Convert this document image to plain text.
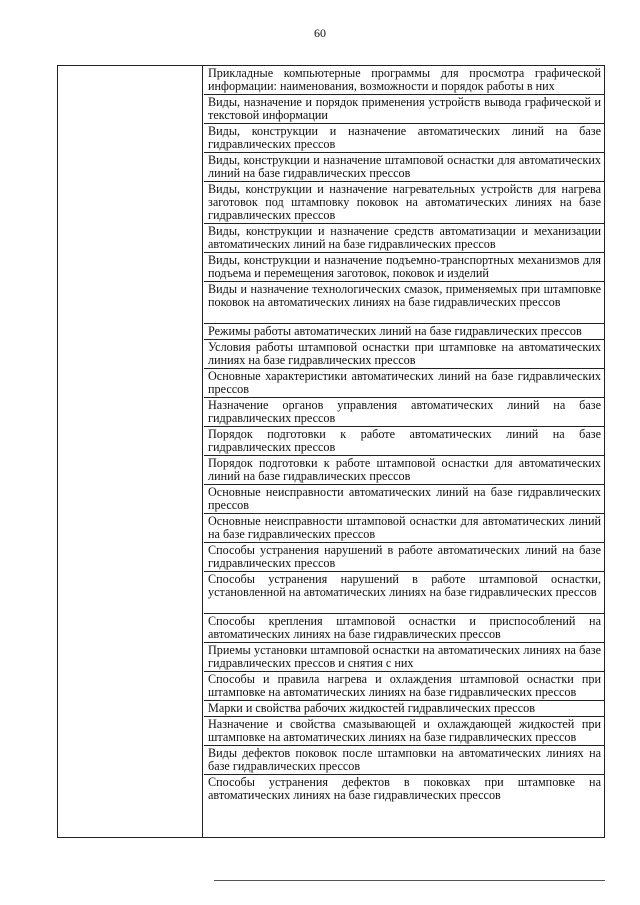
60
Прикладные компьютерные программы для просмотра графической информации: наименования, возможности и порядок работы в них
Виды, назначение и порядок применения устройств вывода графической и текстовой информации
Виды, конструкции и назначение автоматических линий на базе гидравлических прессов
Виды, конструкции и назначение штамповой оснастки для автоматических линий на базе гидравлических прессов
Виды, конструкции и назначение нагревательных устройств для нагрева заготовок под штамповку поковок на автоматических линиях на базе гидравлических прессов
Виды, конструкции и назначение средств автоматизации и механизации автоматических линий на базе гидравлических прессов
Виды, конструкции и назначение подъемно-транспортных механизмов для подъема и перемещения заготовок, поковок и изделий
Виды и назначение технологических смазок, применяемых при штамповке поковок на автоматических линиях на базе гидравлических прессов
Режимы работы автоматических линий на базе гидравлических прессов
Условия работы штамповой оснастки при штамповке на автоматических линиях на базе гидравлических прессов
Основные характеристики автоматических линий на базе гидравлических прессов
Назначение органов управления автоматических линий на базе гидравлических прессов
Порядок подготовки к работе автоматических линий на базе гидравлических прессов
Порядок подготовки к работе штамповой оснастки для автоматических линий на базе гидравлических прессов
Основные неисправности автоматических линий на базе гидравлических прессов
Основные неисправности штамповой оснастки для автоматических линий на базе гидравлических прессов
Способы устранения нарушений в работе автоматических линий на базе гидравлических прессов
Способы устранения нарушений в работе штамповой оснастки, установленной на автоматических линиях на базе гидравлических прессов
Способы крепления штамповой оснастки и приспособлений на автоматических линиях на базе гидравлических прессов
Приемы установки штамповой оснастки на автоматических линиях на базе гидравлических прессов и снятия с них
Способы и правила нагрева и охлаждения штамповой оснастки при штамповке на автоматических линиях на базе гидравлических прессов
Марки и свойства рабочих жидкостей гидравлических прессов
Назначение и свойства смазывающей и охлаждающей жидкостей при штамповке на автоматических линиях на базе гидравлических прессов
Виды дефектов поковок после штамповки на автоматических линиях на базе гидравлических прессов
Способы устранения дефектов в поковках при штамповке на автоматических линиях на базе гидравлических прессов
